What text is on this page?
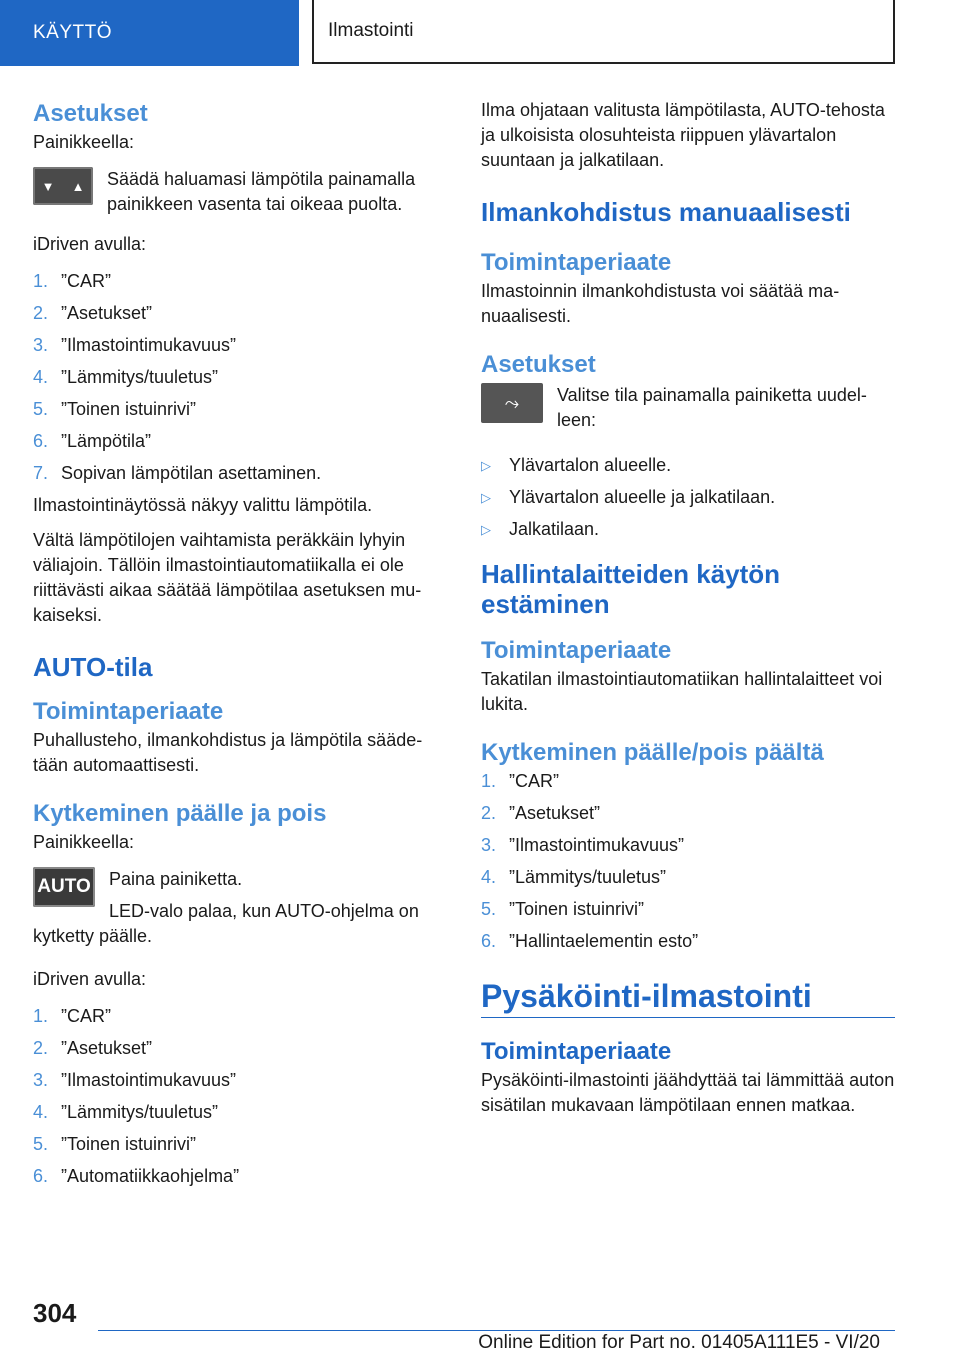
KÄYTTÖ	Ilmastointi
Asetukset

Painikkeella:

▼ ▲ Säädä haluamasi lämpötila painamalla painikkeen vasenta tai oikeaa puolta.

iDriven avulla:

1. ”CAR”
2. ”Asetukset”
3. ”Ilmastointimukavuus”
4. ”Lämmitys/tuuletus”
5. ”Toinen istuinrivi”
6. ”Lämpötila”
7. Sopivan lämpötilan asettaminen.

Ilmastointinäytössä näkyy valittu lämpötila.

Vältä lämpötilojen vaihtamista peräkkäin lyhyin väliajoin. Tällöin ilmastointiautomatiikalla ei ole riittävästi aikaa säätää lämpötilaa asetuksen mukaiseksi.

AUTO-tila
Toimintaperiaate

Puhallusteho, ilmankohdistus ja lämpötila säädetään automaattisesti.

Kytkeminen päälle ja pois

Painikkeella:

AUTO Paina painiketta.

LED-valo palaa, kun AUTO-ohjelma on kytketty päälle.

iDriven avulla:

1. ”CAR”
2. ”Asetukset”
3. ”Ilmastointimukavuus”
4. ”Lämmitys/tuuletus”
5. ”Toinen istuinrivi”
6. ”Automatiikkaohjelma”

Ilma ohjataan valitusta lämpötilasta, AUTO-tehosta ja ulkoisista olosuhteista riippuen ylävartalon suuntaan ja jalkatilaan.

Ilmankohdistus manuaalisesti
Toimintaperiaate

Ilmastoinnin ilmankohdistusta voi säätää manuaalisesti.

Asetukset
⤳	Valitse tila painamalla painiketta uudelleen:

▷	Ylävartalon alueelle.
▷	Ylävartalon alueelle ja jalkatilaan.
▷	Jalkatilaan.
Hallintalaitteiden käytön estäminen
Toimintaperiaate

Takatilan ilmastointiautomatiikan hallintalaitteet voi lukita.

Kytkeminen päälle/pois päältä
1. ”CAR”
2. ”Asetukset”
3. ”Ilmastointimukavuus”
4. ”Lämmitys/tuuletus”
5. ”Toinen istuinrivi”
6. ”Hallintaelementin esto”
Pysäköinti-ilmastointi
Toimintaperiaate

Pysäköinti-ilmastointi jäähdyttää tai lämmittää auton sisätilan mukavaan lämpötilaan ennen matkaa.

304
Online Edition for Part no. 01405A111E5 - VI/20
